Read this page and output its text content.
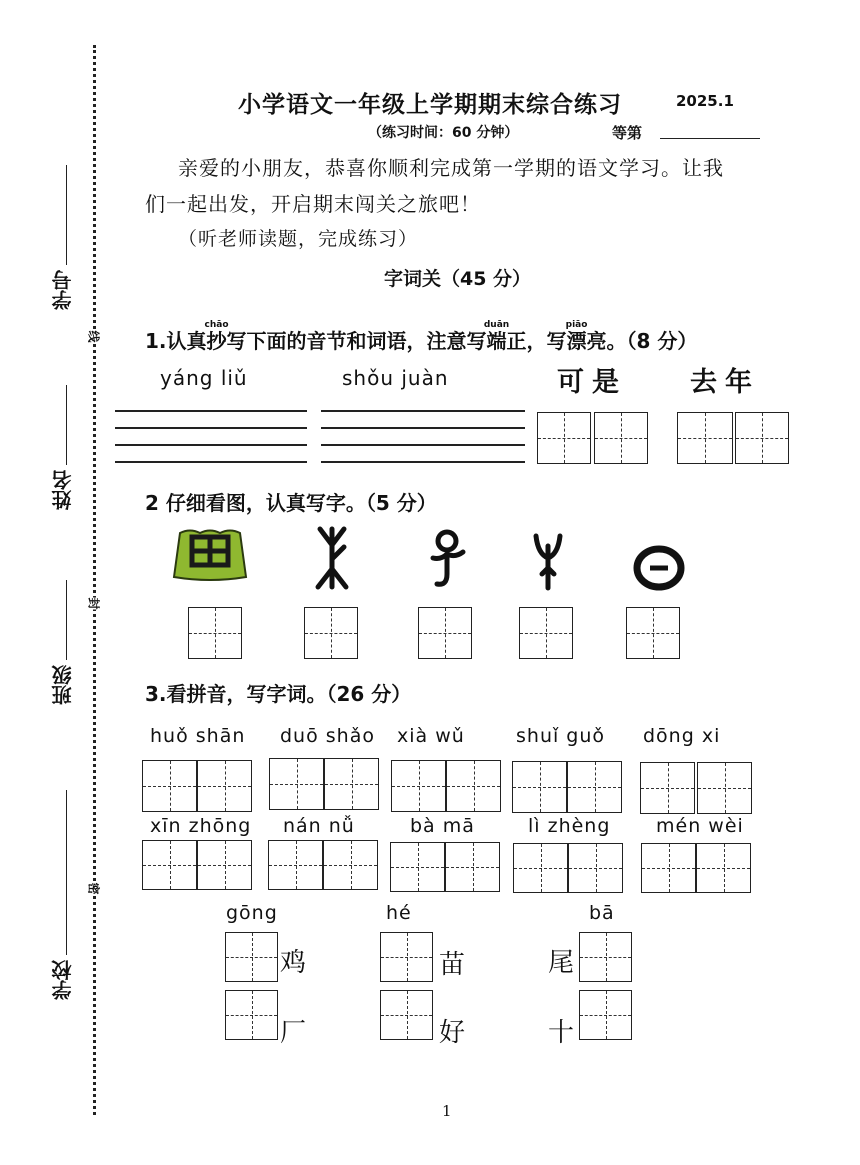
学号
姓名
班级
学校
线
封
密
小学语文一年级上学期期末综合练习	2025.1
（练习时间：60 分钟）	等第
亲爱的小朋友，恭喜你顺利完成第一学期的语文学习。让我
们一起出发，开启期末闯关之旅吧！
（听老师读题，完成练习）
字词关（45 分）
1.认真抄chāo写下面的音节和词语，注意写端duān正，写漂piāo亮。（8 分）
yáng liǔ	shǒu juàn	可是 去年
2 仔细看图，认真写字。（5 分）
3.看拼音，写字词。（26 分）
huǒ shān duō shǎo xià wǔ	shuǐ guǒ dōng xi
xīn zhōng nán nǚ	bà mā	lì zhèng mén wèi
gōng	hé	bā
鸡	苗	尾
厂	好	十
1
